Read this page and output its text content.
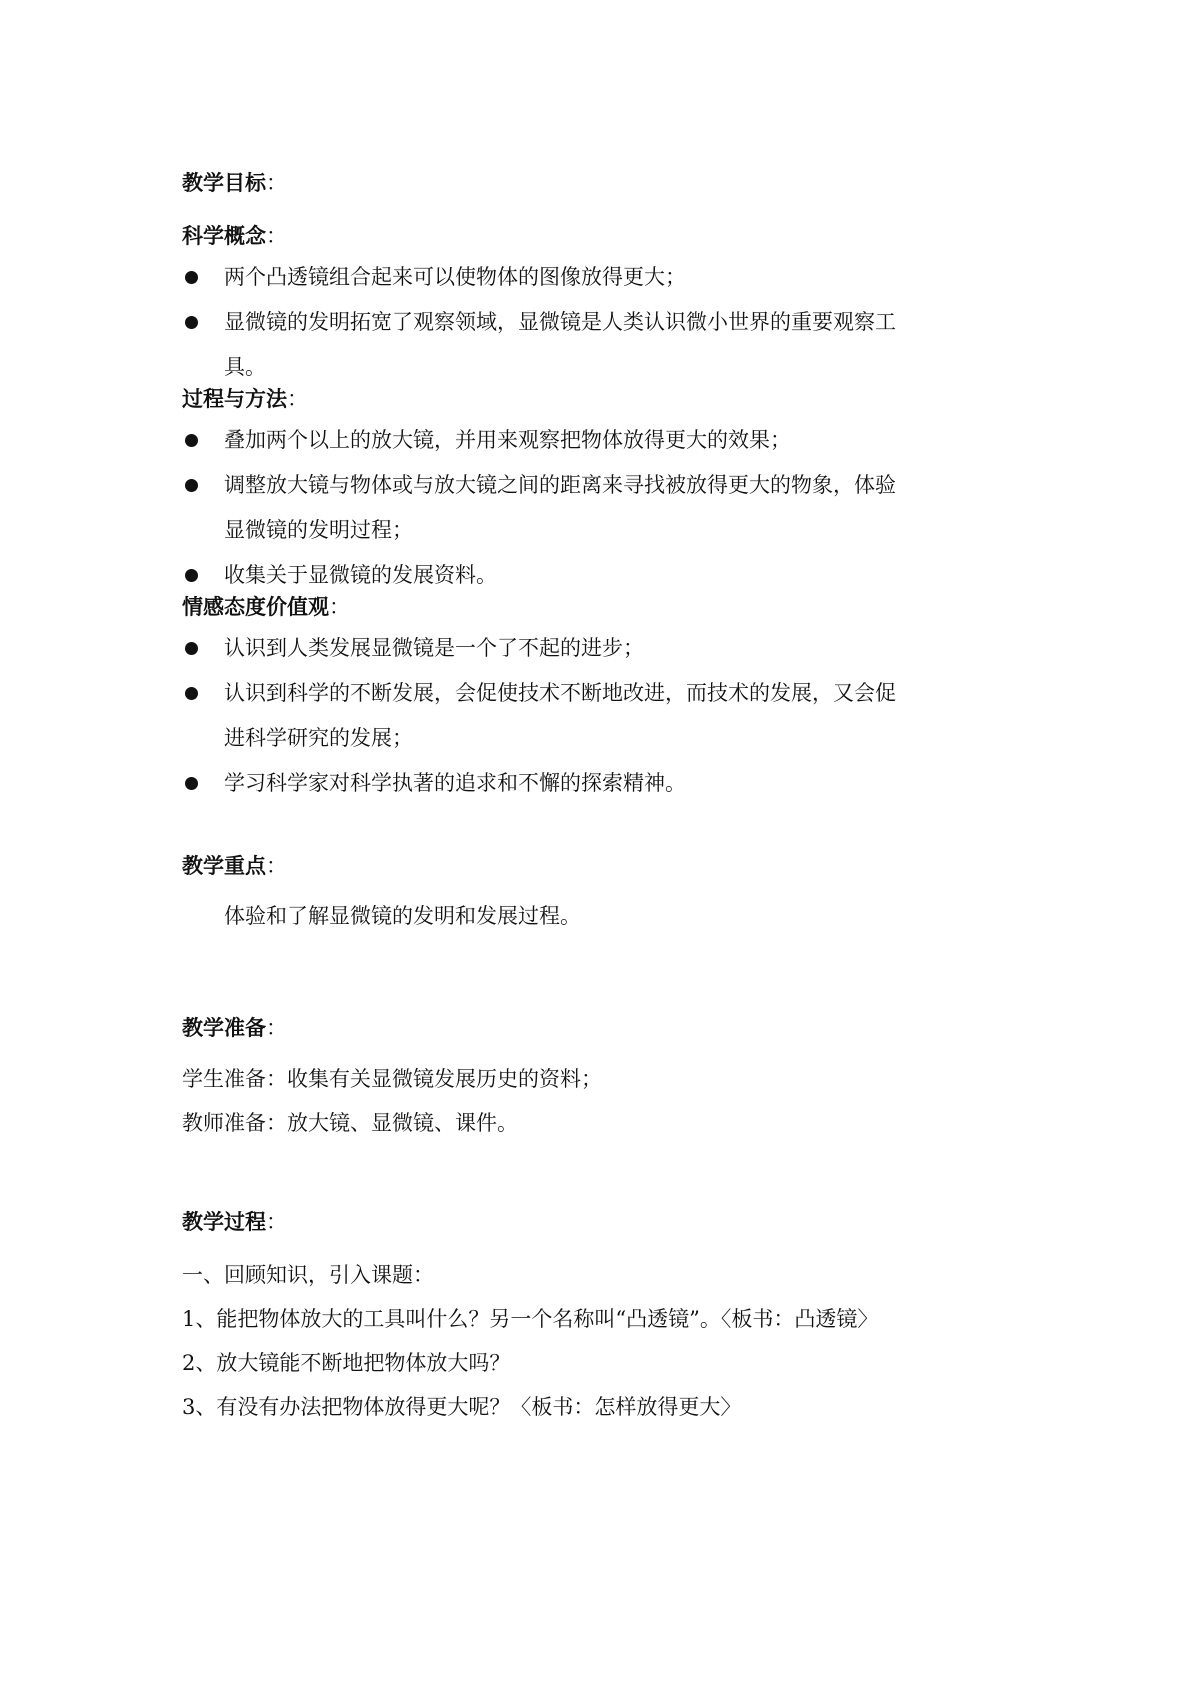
教学目标：
科学概念：
两个凸透镜组合起来可以使物体的图像放得更大；
显微镜的发明拓宽了观察领域，显微镜是人类认识微小世界的重要观察工
具。
过程与方法：
叠加两个以上的放大镜，并用来观察把物体放得更大的效果；
调整放大镜与物体或与放大镜之间的距离来寻找被放得更大的物象，体验
显微镜的发明过程；
收集关于显微镜的发展资料。
情感态度价值观：
认识到人类发展显微镜是一个了不起的进步；
认识到科学的不断发展，会促使技术不断地改进，而技术的发展，又会促
进科学研究的发展；
学习科学家对科学执著的追求和不懈的探索精神。
教学重点：
体验和了解显微镜的发明和发展过程。
教学准备：
学生准备：收集有关显微镜发展历史的资料；
教师准备：放大镜、显微镜、课件。
教学过程：
一、回顾知识，引入课题：
1、能把物体放大的工具叫什么？另一个名称叫“凸透镜”。〈板书：凸透镜〉
2、放大镜能不断地把物体放大吗？
3、有没有办法把物体放得更大呢？〈板书：怎样放得更大〉
